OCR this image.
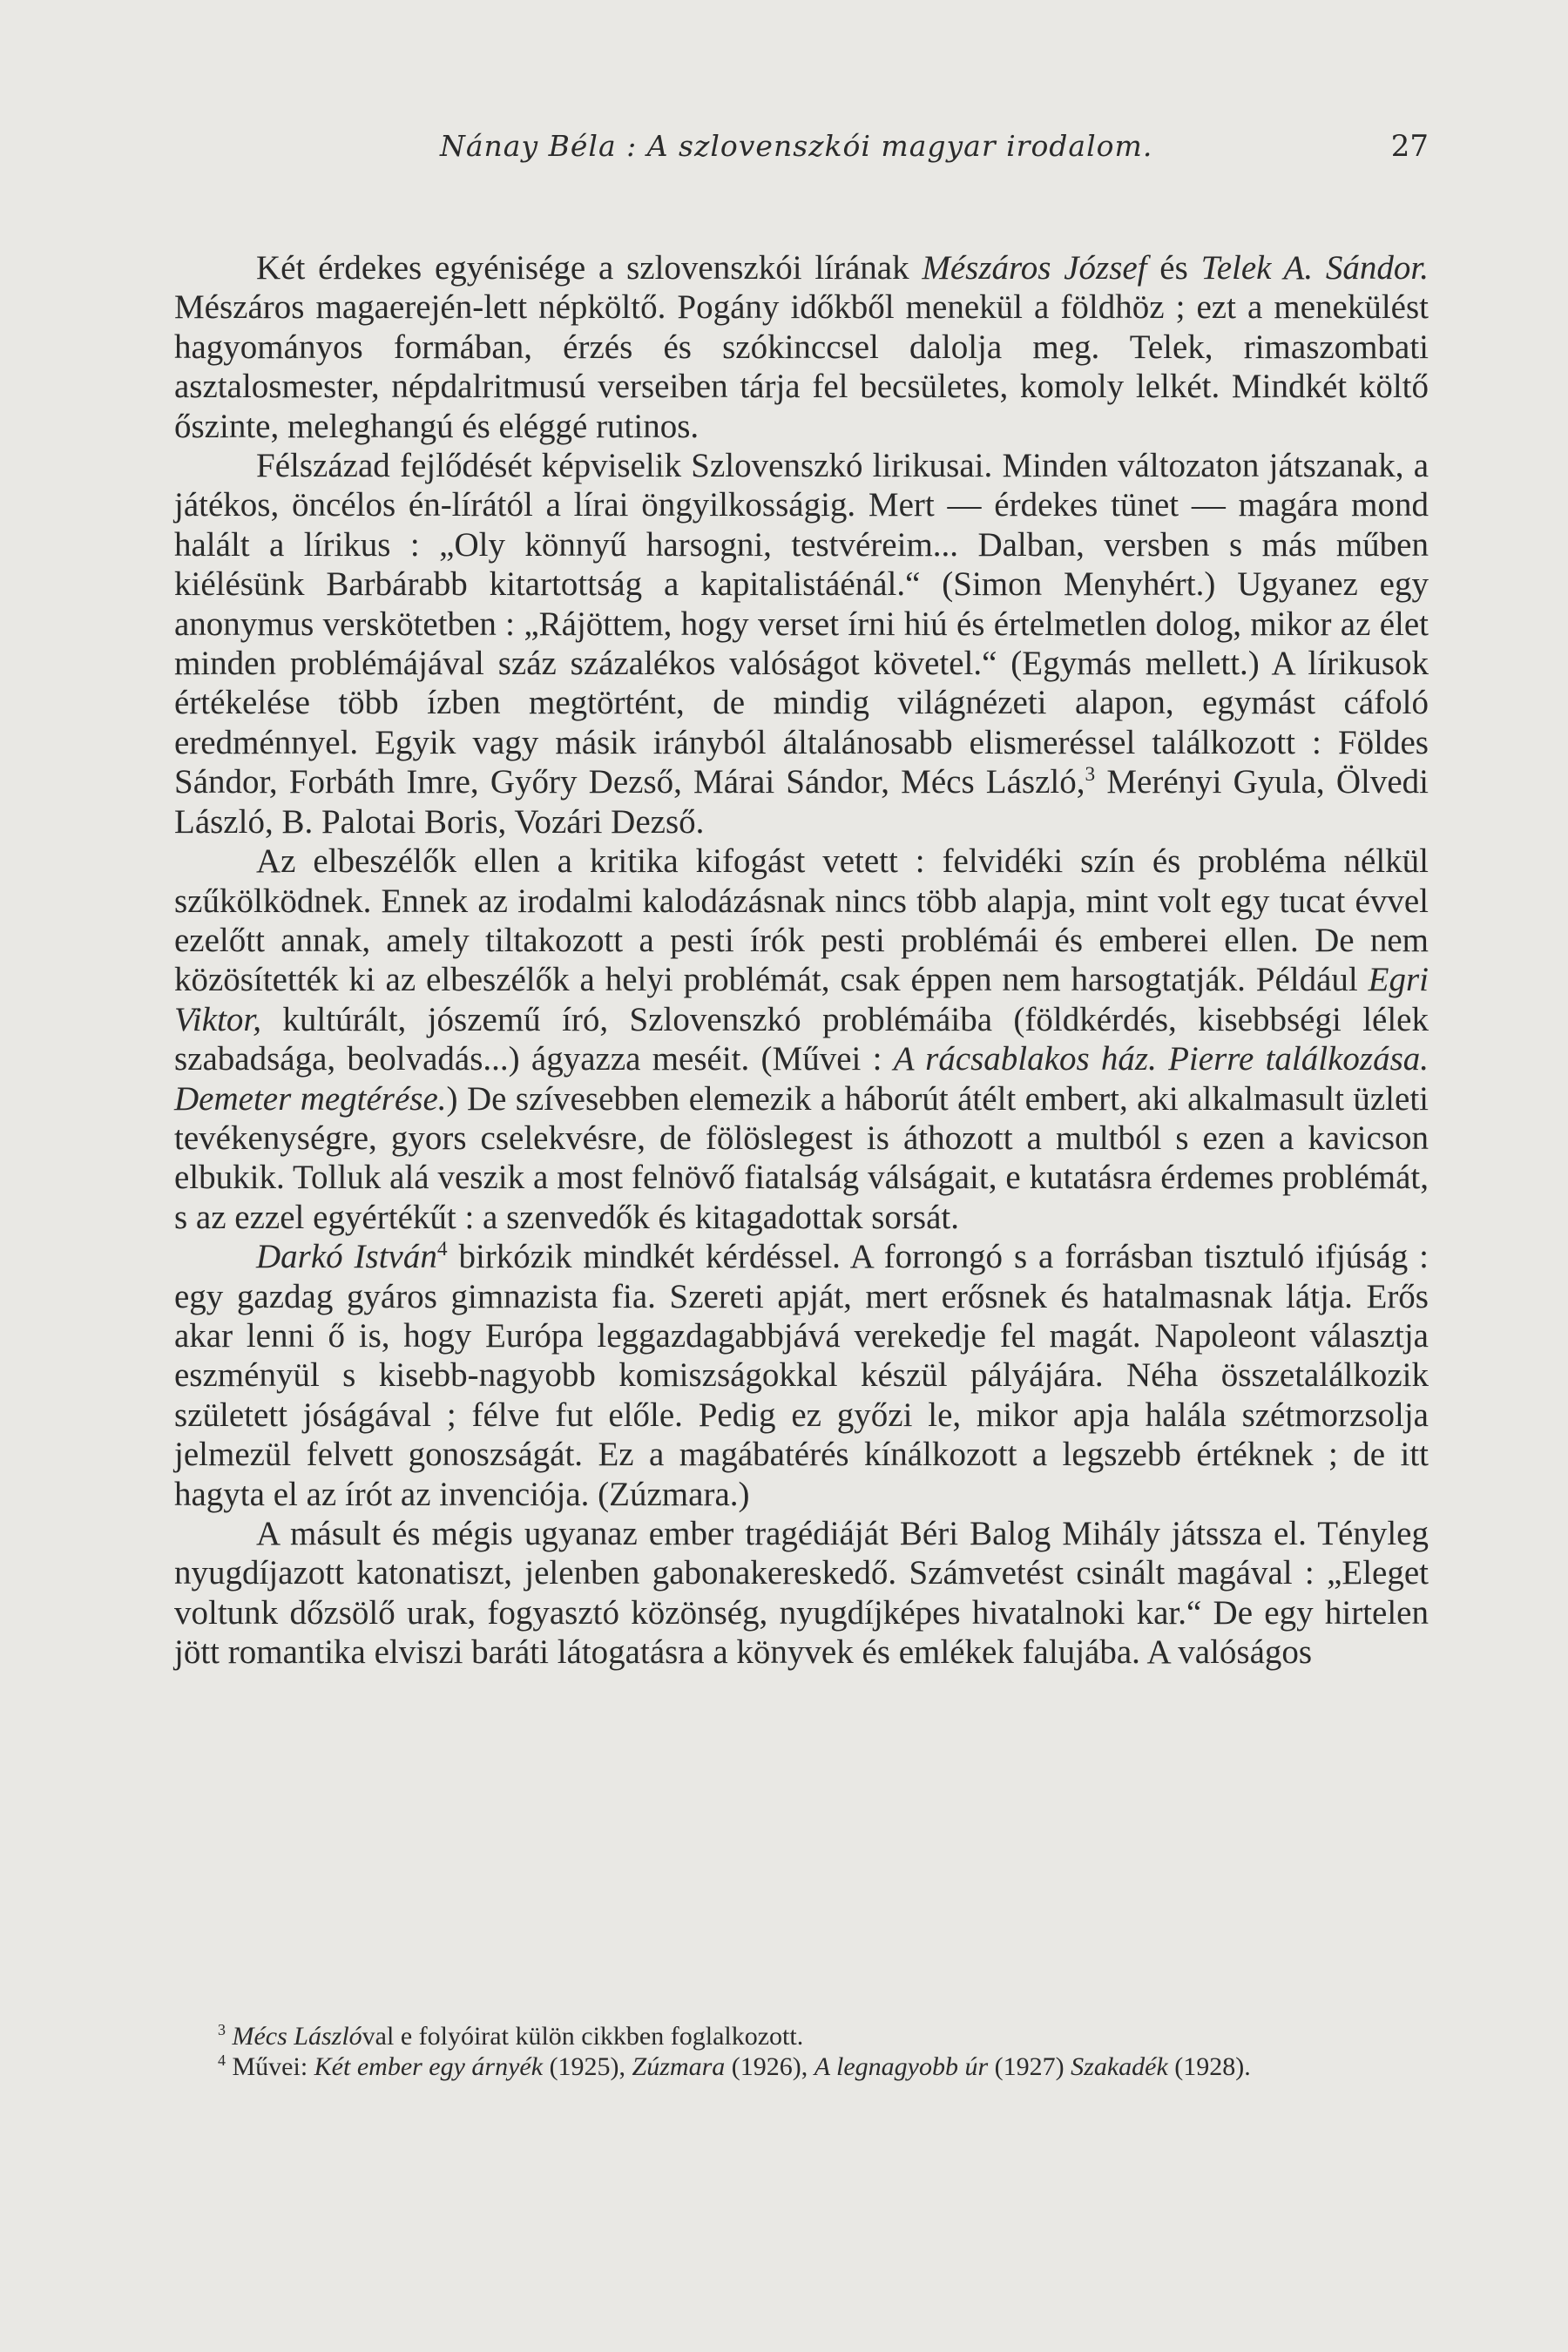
Nánay Béla : A szlovenszkói magyar irodalom.	27

Két érdekes egyénisége a szlovenszkói lírának Mészáros József és Telek A. Sándor. Mészáros magaerején-lett népköltő. Pogány időkből menekül a földhöz ; ezt a menekülést hagyományos formában, érzés és szókinccsel dalolja meg. Telek, rimaszombati asztalosmester, népdalritmusú verseiben tárja fel becsületes, komoly lelkét. Mindkét költő őszinte, meleghangú és eléggé rutinos.

Félszázad fejlődését képviselik Szlovenszkó lirikusai. Minden változaton játszanak, a játékos, öncélos én-lírától a lírai öngyilkosságig. Mert — érdekes tünet — magára mond halált a lírikus : „Oly könnyű harsogni, testvéreim... Dalban, versben s más műben kiélésünk Barbárabb kitartottság a kapitalistáénál.“ (Simon Menyhért.) Ugyanez egy anonymus verskötetben : „Rájöttem, hogy verset írni hiú és értelmetlen dolog, mikor az élet minden problémájával száz százalékos valóságot követel.“ (Egymás mellett.) A lírikusok értékelése több ízben megtörtént, de mindig világnézeti alapon, egymást cáfoló eredménnyel. Egyik vagy másik irányból általánosabb elismeréssel találkozott : Földes Sándor, Forbáth Imre, Győry Dezső, Márai Sándor, Mécs László,$^3$ Merényi Gyula, Ölvedi László, B. Palotai Boris, Vozári Dezső.

Az elbeszélők ellen a kritika kifogást vetett : felvidéki szín és probléma nélkül szűkölködnek. Ennek az irodalmi kalodázásnak nincs több alapja, mint volt egy tucat évvel ezelőtt annak, amely tiltakozott a pesti írók pesti problémái és emberei ellen. De nem közösítették ki az elbeszélők a helyi problémát, csak éppen nem harsogtatják. Például Egri Viktor, kultúrált, jószemű író, Szlovenszkó problémáiba (földkérdés, kisebbségi lélek szabadsága, beolvadás...) ágyazza meséit. (Művei : A rácsablakos ház. Pierre találkozása. Demeter megtérése.) De szívesebben elemezik a háborút átélt embert, aki alkalmasult üzleti tevékenységre, gyors cselekvésre, de fölöslegest is áthozott a multból s ezen a kavicson elbukik. Tolluk alá veszik a most felnövő fiatalság válságait, e kutatásra érdemes problémát, s az ezzel egyértékűt : a szenvedők és kitagadottak sorsát.

Darkó István$^4$ birkózik mindkét kérdéssel. A forrongó s a forrásban tisztuló ifjúság : egy gazdag gyáros gimnazista fia. Szereti apját, mert erősnek és hatalmasnak látja. Erős akar lenni ő is, hogy Európa leggazdagabbjává verekedje fel magát. Napoleont választja eszményül s kisebb-nagyobb komiszságokkal készül pályájára. Néha összetalálkozik született jóságával ; félve fut előle. Pedig ez győzi le, mikor apja halála szétmorzsolja jelmezül felvett gonoszságát. Ez a magábatérés kínálkozott a legszebb értéknek ; de itt hagyta el az írót az invenciója. (Zúzmara.)

A másult és mégis ugyanaz ember tragédiáját Béri Balog Mihály játssza el. Tényleg nyugdíjazott katonatiszt, jelenben gabonakereskedő. Számvetést csinált magával : „Eleget voltunk dőzsölő urak, fogyasztó közönség, nyugdíjképes hivatalnoki kar.“ De egy hirtelen jött romantika elviszi baráti látogatásra a könyvek és emlékek falujába. A valóságos

$^3$ Mécs Lászlóval e folyóirat külön cikkben foglalkozott.

$^4$ Művei: Két ember egy árnyék (1925), Zúzmara (1926), A legnagyobb úr (1927) Szakadék (1928).
